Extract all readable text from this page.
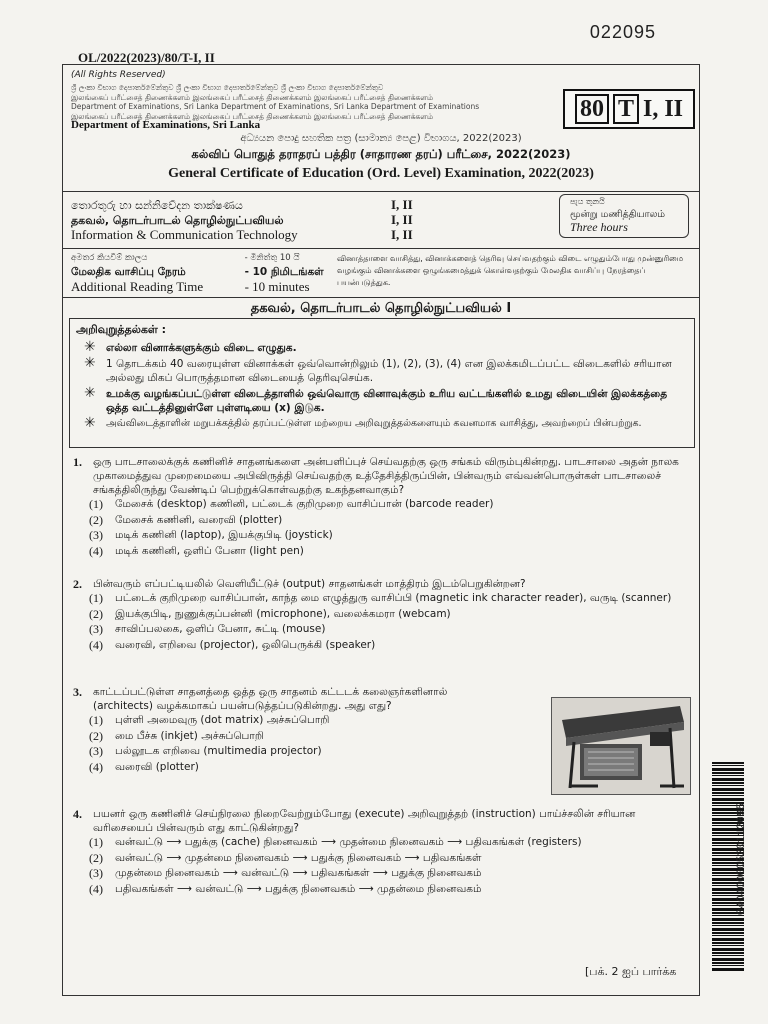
022095
OL/2022(2023)/80/T-I, II
(All Rights Reserved)
ශ්‍රී ලංකා විභාග දෙපාර්තමේන්තුව ශ්‍රී ලංකා විභාග දෙපාර්තමේන්තුව ශ්‍රී ලංකා විභාග දෙපාර්තමේන්තුව
இலங்கைப் பரீட்சைத் திணைக்களம் இலங்கைப் பரீட்சைத் திணைக்களம் இலங்கைப் பரீட்சைத் திணைக்களம்
Department of Examinations, Sri Lanka Department of Examinations, Sri Lanka Department of Examinations
இலங்கைப் பரீட்சைத் திணைக்களம் இலங்கைப் பரீட்சைத் திணைக்களம் இலங்கைப் பரீட்சைத் திணைக்களம்
Department of Examinations, Sri Lanka
80 T I, II
අධ්‍යයන පොදු සහතික පත්‍ර (සාමාන්‍ය පෙළ) විභාගය, 2022(2023)
கல்விப் பொதுத் தராதரப் பத்திர (சாதாரண தரப்) பரீட்சை, 2022(2023)
General Certificate of Education (Ord. Level) Examination, 2022(2023)
තොරතුරු හා සන්නිවේදන තාක්ෂණය	I, II
தகவல், தொடர்பாடல் தொழில்நுட்பவியல்	I, II
Information & Communication Technology	I, II
පැය තුනයි
மூன்று மணித்தியாலம்
Three hours
අමතර කියවීම් කාලය	- මිනිත්තු 10 යි
மேலதிக வாசிப்பு நேரம்	- 10 நிமிடங்கள்
Additional Reading Time	- 10 minutes
வினாத்தாளை வாசித்து, வினாக்களைத் தெரிவு செய்வதற்கும் விடை எழுதும்போது முன்னுரிமை வழங்கும் வினாக்களை ஒழுங்கமைத்துக் கொள்வதற்கும் மேலதிக வாசிப்பு நேரத்தைப் பயன்படுத்துக.
தகவல், தொடர்பாடல் தொழில்நுட்பவியல் I
அறிவுறுத்தல்கள் :
✳ எல்லா வினாக்களுக்கும் விடை எழுதுக.
✳ 1 தொடக்கம் 40 வரையுள்ள வினாக்கள் ஒவ்வொன்றிலும் (1), (2), (3), (4) என இலக்கமிடப்பட்ட விடைகளில் சரியான அல்லது மிகப் பொருத்தமான விடையைத் தெரிவுசெய்க.
✳ உமக்கு வழங்கப்பட்டுள்ள விடைத்தாளில் ஒவ்வொரு வினாவுக்கும் உரிய வட்டங்களில் உமது விடையின் இலக்கத்தை ஒத்த வட்டத்தினுள்ளே புள்ளடியை (x) இடுக.
✳ அவ்விடைத்தாளின் மறுபக்கத்தில் தரப்பட்டுள்ள மற்றைய அறிவுறுத்தல்களையும் கவனமாக வாசித்து, அவற்றைப் பின்பற்றுக.
1.	ஒரு பாடசாலைக்குக் கணினிச் சாதனங்களை அன்பளிப்புச் செய்வதற்கு ஒரு சங்கம் விரும்புகின்றது. பாடசாலை அதன் நாலக முகாமைத்துவ முறைமையை அபிவிருத்தி செய்வதற்கு உத்தேசித்திருப்பின், பின்வரும் எவ்வன்பொருள்கள் பாடசாலைச் சங்கத்திலிருந்து வேண்டிப் பெற்றுக்கொள்வதற்கு உகந்தனவாகும்?
(1)	மேசைக் (desktop) கணினி, பட்டைக் குறிமுறை வாசிப்பான் (barcode reader)
(2)	மேசைக் கணினி, வரைவி (plotter)
(3)	மடிக் கணினி (laptop), இயக்குபிடி (joystick)
(4)	மடிக் கணினி, ஒளிப் பேனா (light pen)
2.	பின்வரும் எப்பட்டியலில் வெளியீட்டுச் (output) சாதனங்கள் மாத்திரம் இடம்பெறுகின்றன?
(1)	பட்டைக் குறிமுறை வாசிப்பான், காந்த மை எழுத்துரு வாசிப்பி (magnetic ink character reader), வருடி (scanner)
(2)	இயக்குபிடி, நுணுக்குப்பன்னி (microphone), வலைக்கமரா (webcam)
(3)	சாவிப்பலகை, ஒளிப் பேனா, சுட்டி (mouse)
(4)	வரைவி, எறிவை (projector), ஒலிபெருக்கி (speaker)
3.	காட்டப்பட்டுள்ள சாதனத்தை ஒத்த ஒரு சாதனம் கட்டடக் கலைஞர்களினால் (architects) வழக்கமாகப் பயன்படுத்தப்படுகின்றது. அது எது?
(1)	புள்ளி அமைவுரு (dot matrix) அச்சுப்பொறி
(2)	மை பீச்சு (inkjet) அச்சுப்பொறி
(3)	பல்லூடக எறிவை (multimedia projector)
(4)	வரைவி (plotter)
4.	பயனர் ஒரு கணினிச் செய்நிரலை நிறைவேற்றும்போது (execute) அறிவுறுத்தற் (instruction) பாய்ச்சலின் சரியான வரிசையைப் பின்வரும் எது காட்டுகின்றது?
(1)	வன்வட்டு ⟶ பதுக்கு (cache) நினைவகம் ⟶ முதன்மை நினைவகம் ⟶ பதிவகங்கள் (registers)
(2)	வன்வட்டு ⟶ முதன்மை நினைவகம் ⟶ பதுக்கு நினைவகம் ⟶ பதிவகங்கள்
(3)	முதன்மை நினைவகம் ⟶ வன்வட்டு ⟶ பதிவகங்கள் ⟶ பதுக்கு நினைவகம்
(4)	பதிவகங்கள் ⟶ வன்வட்டு ⟶ பதுக்கு நினைவகம் ⟶ முதன்மை நினைவகம்
[பக். 2 ஐப் பார்க்க
04040000520112095
